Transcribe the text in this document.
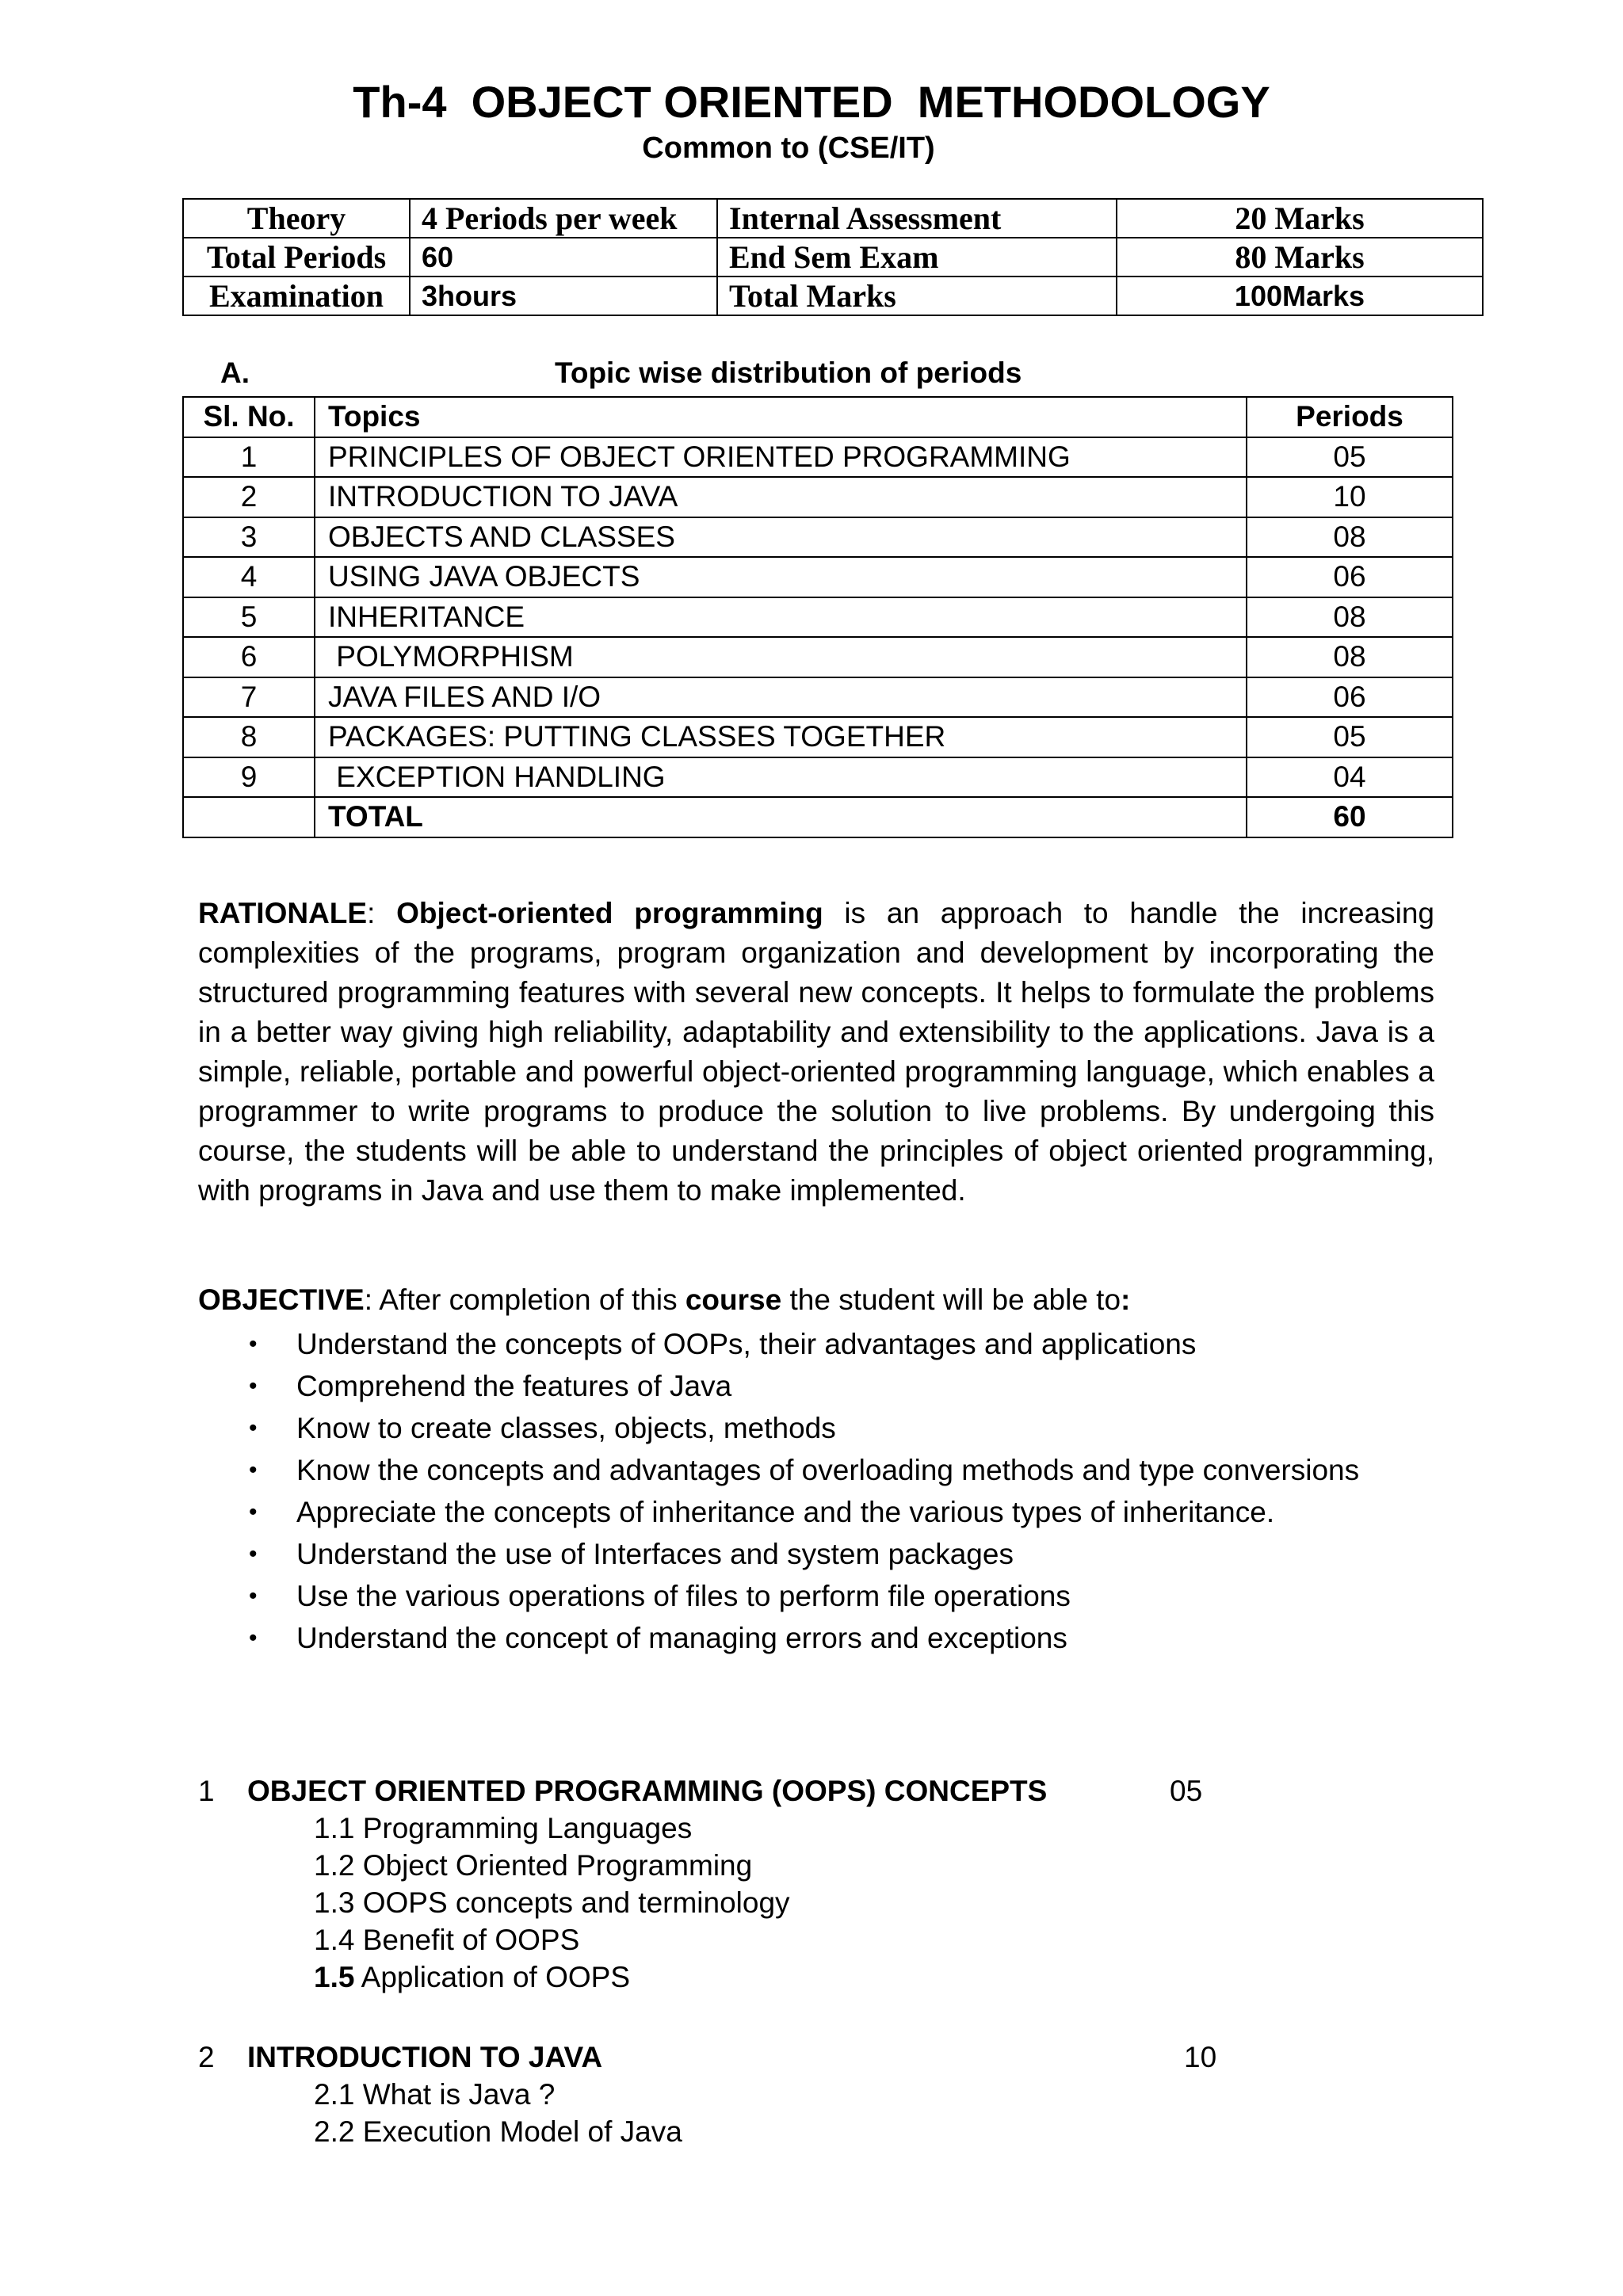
Th-4  OBJECT ORIENTED  METHODOLOGY
Common to (CSE/IT)
Theory	4 Periods per week	Internal Assessment	20 Marks
Total Periods	60	End Sem Exam	80 Marks
Examination	3hours	Total Marks	100Marks
A.	Topic wise distribution of periods
Sl. No.	Topics	Periods
1	PRINCIPLES OF OBJECT ORIENTED PROGRAMMING	05
2	INTRODUCTION TO JAVA	10
3	OBJECTS AND CLASSES	08
4	USING JAVA OBJECTS	06
5	INHERITANCE	08
6	POLYMORPHISM	08
7	JAVA FILES AND I/O	06
8	PACKAGES: PUTTING CLASSES TOGETHER	05
9	EXCEPTION HANDLING	04
	TOTAL	60
RATIONALE: Object-oriented programming is an approach to handle the increasing complexities of the programs, program organization and development by incorporating the structured programming features with several new concepts. It helps to formulate the problems in a better way giving high reliability, adaptability and extensibility to the applications. Java is a simple, reliable, portable and powerful object-oriented programming language, which enables a programmer to write programs to produce the solution to live problems. By undergoing this course, the students will be able to understand the principles of object oriented programming, with programs in Java and use them to make implemented.
OBJECTIVE: After completion of this course the student will be able to:
• Understand the concepts of OOPs, their advantages and applications
• Comprehend the features of Java
• Know to create classes, objects, methods
• Know the concepts and advantages of overloading methods and type conversions
• Appreciate the concepts of inheritance and the various types of inheritance.
• Understand the use of Interfaces and system packages
• Use the various operations of files to perform file operations
• Understand the concept of managing errors and exceptions
1 OBJECT ORIENTED PROGRAMMING (OOPS) CONCEPTS	05
1.1 Programming Languages
1.2 Object Oriented Programming
1.3 OOPS concepts and terminology
1.4 Benefit of OOPS
1.5 Application of OOPS
2 INTRODUCTION TO JAVA	10
2.1 What is Java ?
2.2 Execution Model of Java
